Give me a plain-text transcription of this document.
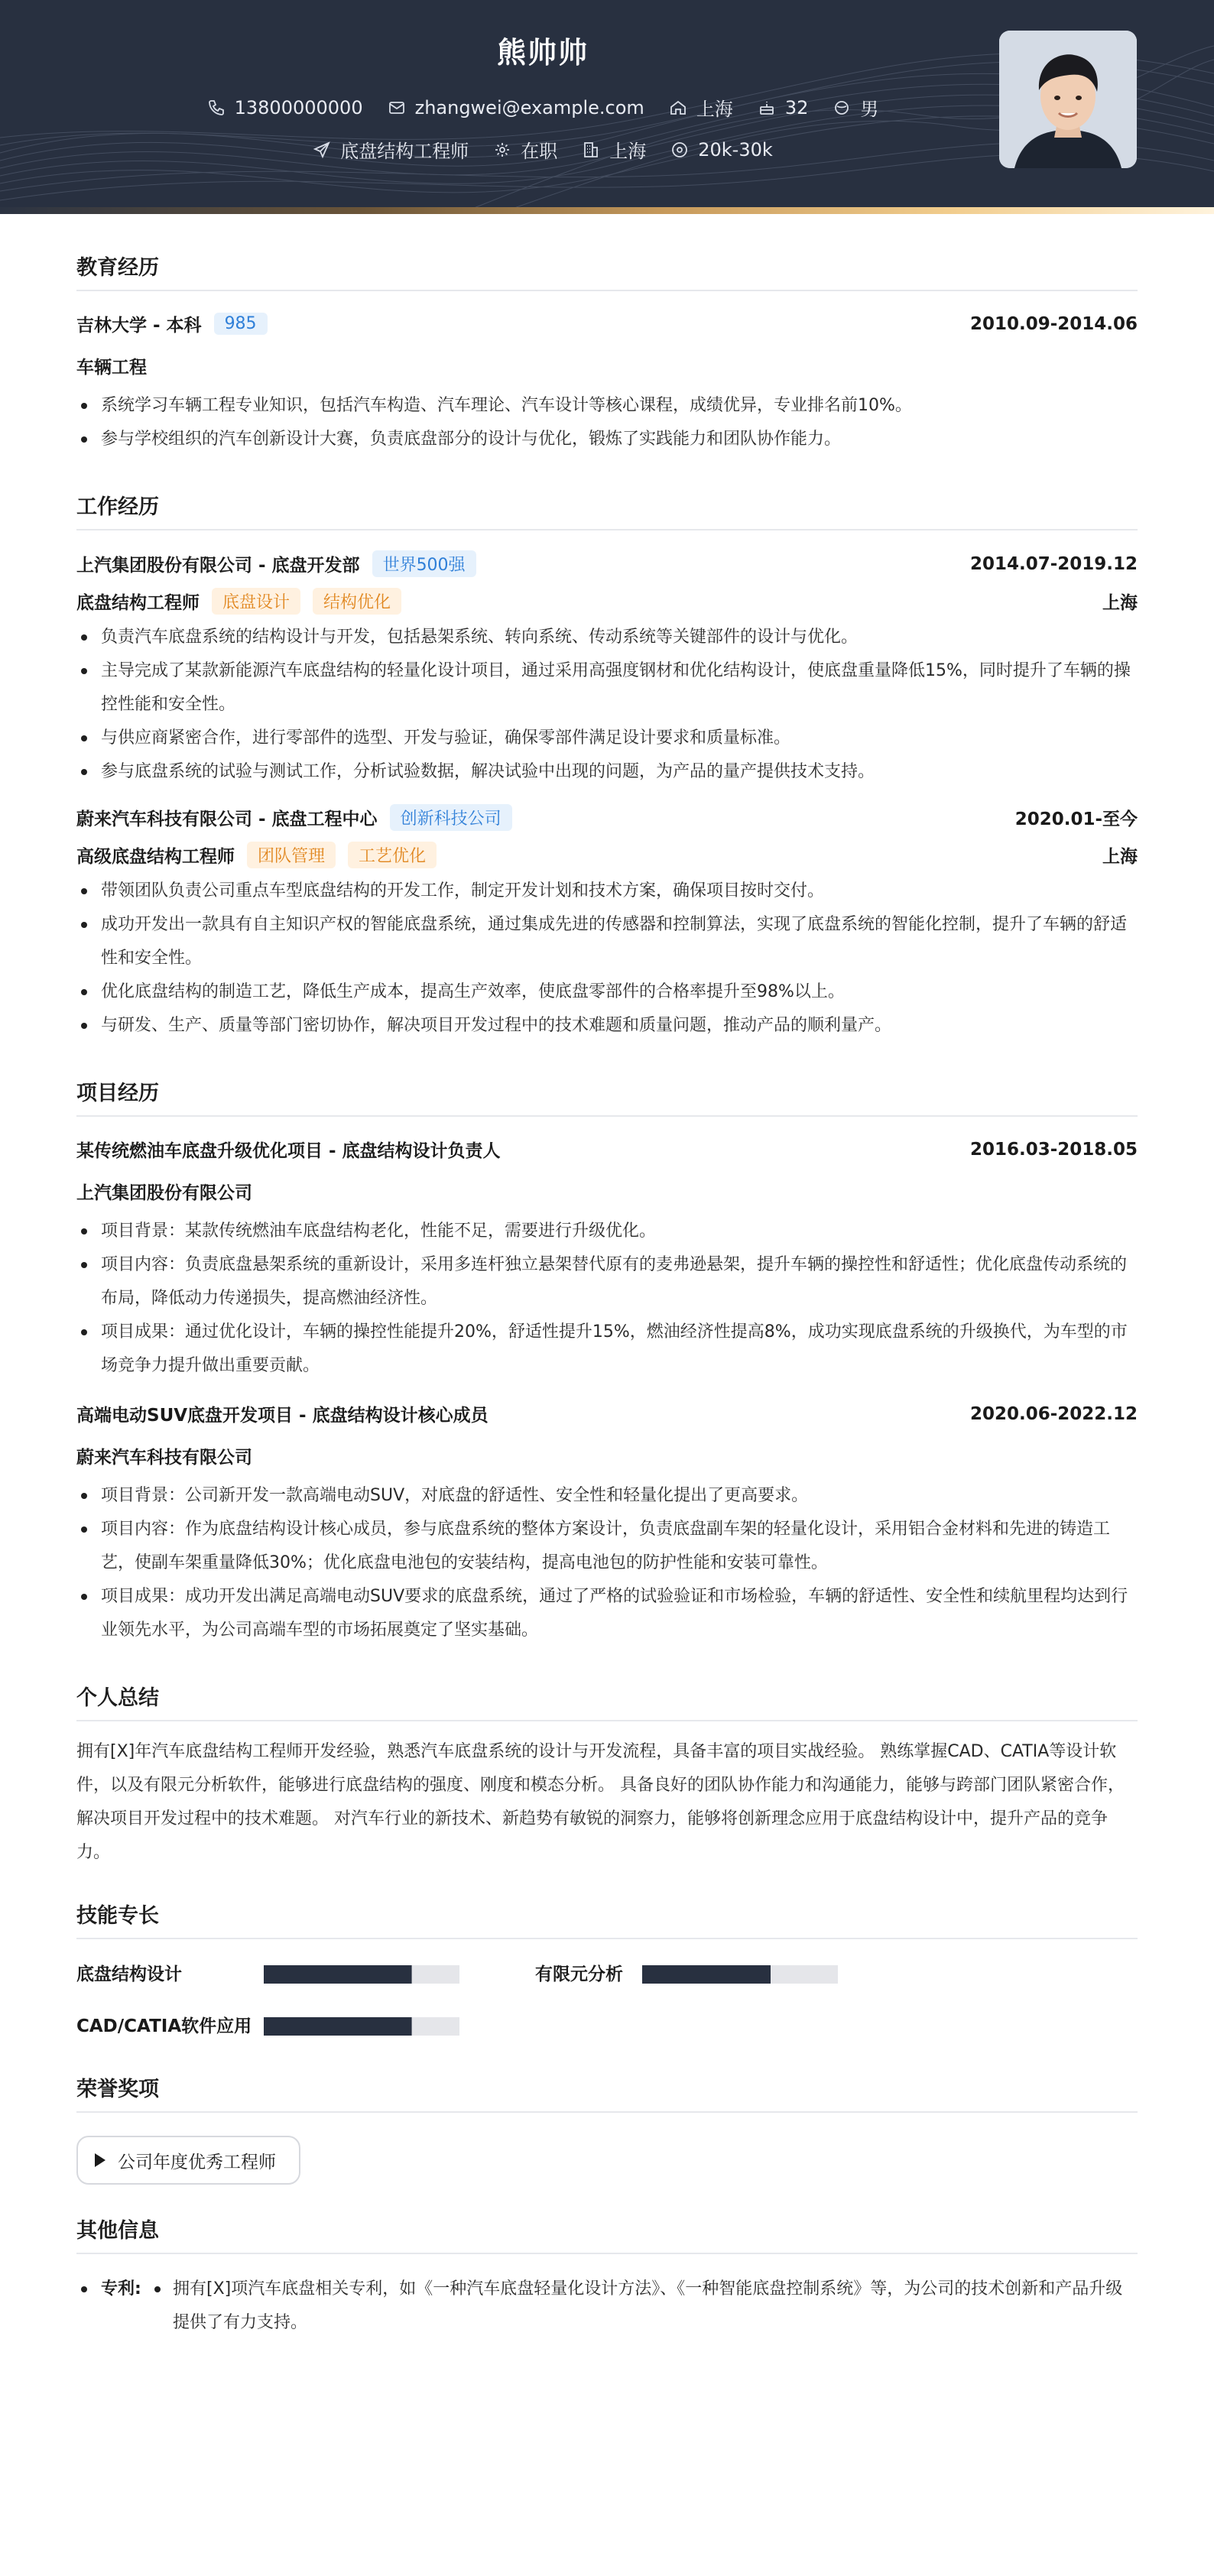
熊帅帅
13800000000	zhangwei@example.com	上海	32	男
底盘结构工程师	在职	上海	20k-30k
教育经历
吉林大学 - 本科	985	2010.09-2014.06
车辆工程
系统学习车辆工程专业知识，包括汽车构造、汽车理论、汽车设计等核心课程，成绩优异，专业排名前10%。
参与学校组织的汽车创新设计大赛，负责底盘部分的设计与优化，锻炼了实践能力和团队协作能力。
工作经历
上汽集团股份有限公司 - 底盘开发部	世界500强	2014.07-2019.12
底盘结构工程师	底盘设计	结构优化	上海
负责汽车底盘系统的结构设计与开发，包括悬架系统、转向系统、传动系统等关键部件的设计与优化。
主导完成了某款新能源汽车底盘结构的轻量化设计项目，通过采用高强度钢材和优化结构设计，使底盘重量降低15%，同时提升了车辆的操控性能和安全性。
与供应商紧密合作，进行零部件的选型、开发与验证，确保零部件满足设计要求和质量标准。
参与底盘系统的试验与测试工作，分析试验数据，解决试验中出现的问题，为产品的量产提供技术支持。
蔚来汽车科技有限公司 - 底盘工程中心	创新科技公司	2020.01-至今
高级底盘结构工程师	团队管理	工艺优化	上海
带领团队负责公司重点车型底盘结构的开发工作，制定开发计划和技术方案，确保项目按时交付。
成功开发出一款具有自主知识产权的智能底盘系统，通过集成先进的传感器和控制算法，实现了底盘系统的智能化控制，提升了车辆的舒适性和安全性。
优化底盘结构的制造工艺，降低生产成本，提高生产效率，使底盘零部件的合格率提升至98%以上。
与研发、生产、质量等部门密切协作，解决项目开发过程中的技术难题和质量问题，推动产品的顺利量产。
项目经历
某传统燃油车底盘升级优化项目 - 底盘结构设计负责人	2016.03-2018.05
上汽集团股份有限公司
项目背景：某款传统燃油车底盘结构老化，性能不足，需要进行升级优化。
项目内容：负责底盘悬架系统的重新设计，采用多连杆独立悬架替代原有的麦弗逊悬架，提升车辆的操控性和舒适性；优化底盘传动系统的布局，降低动力传递损失，提高燃油经济性。
项目成果：通过优化设计，车辆的操控性能提升20%，舒适性提升15%，燃油经济性提高8%，成功实现底盘系统的升级换代，为车型的市场竞争力提升做出重要贡献。
高端电动SUV底盘开发项目 - 底盘结构设计核心成员	2020.06-2022.12
蔚来汽车科技有限公司
项目背景：公司新开发一款高端电动SUV，对底盘的舒适性、安全性和轻量化提出了更高要求。
项目内容：作为底盘结构设计核心成员，参与底盘系统的整体方案设计，负责底盘副车架的轻量化设计，采用铝合金材料和先进的铸造工艺，使副车架重量降低30%；优化底盘电池包的安装结构，提高电池包的防护性能和安装可靠性。
项目成果：成功开发出满足高端电动SUV要求的底盘系统，通过了严格的试验验证和市场检验，车辆的舒适性、安全性和续航里程均达到行业领先水平，为公司高端车型的市场拓展奠定了坚实基础。
个人总结
拥有[X]年汽车底盘结构工程师开发经验，熟悉汽车底盘系统的设计与开发流程，具备丰富的项目实战经验。 熟练掌握CAD、CATIA等设计软件，以及有限元分析软件，能够进行底盘结构的强度、刚度和模态分析。 具备良好的团队协作能力和沟通能力，能够与跨部门团队紧密合作，解决项目开发过程中的技术难题。 对汽车行业的新技术、新趋势有敏锐的洞察力，能够将创新理念应用于底盘结构设计中，提升产品的竞争力。
技能专长
底盘结构设计	有限元分析
CAD/CATIA软件应用
荣誉奖项
公司年度优秀工程师
其他信息
专利:	拥有[X]项汽车底盘相关专利，如《一种汽车底盘轻量化设计方法》、《一种智能底盘控制系统》等，为公司的技术创新和产品升级提供了有力支持。
